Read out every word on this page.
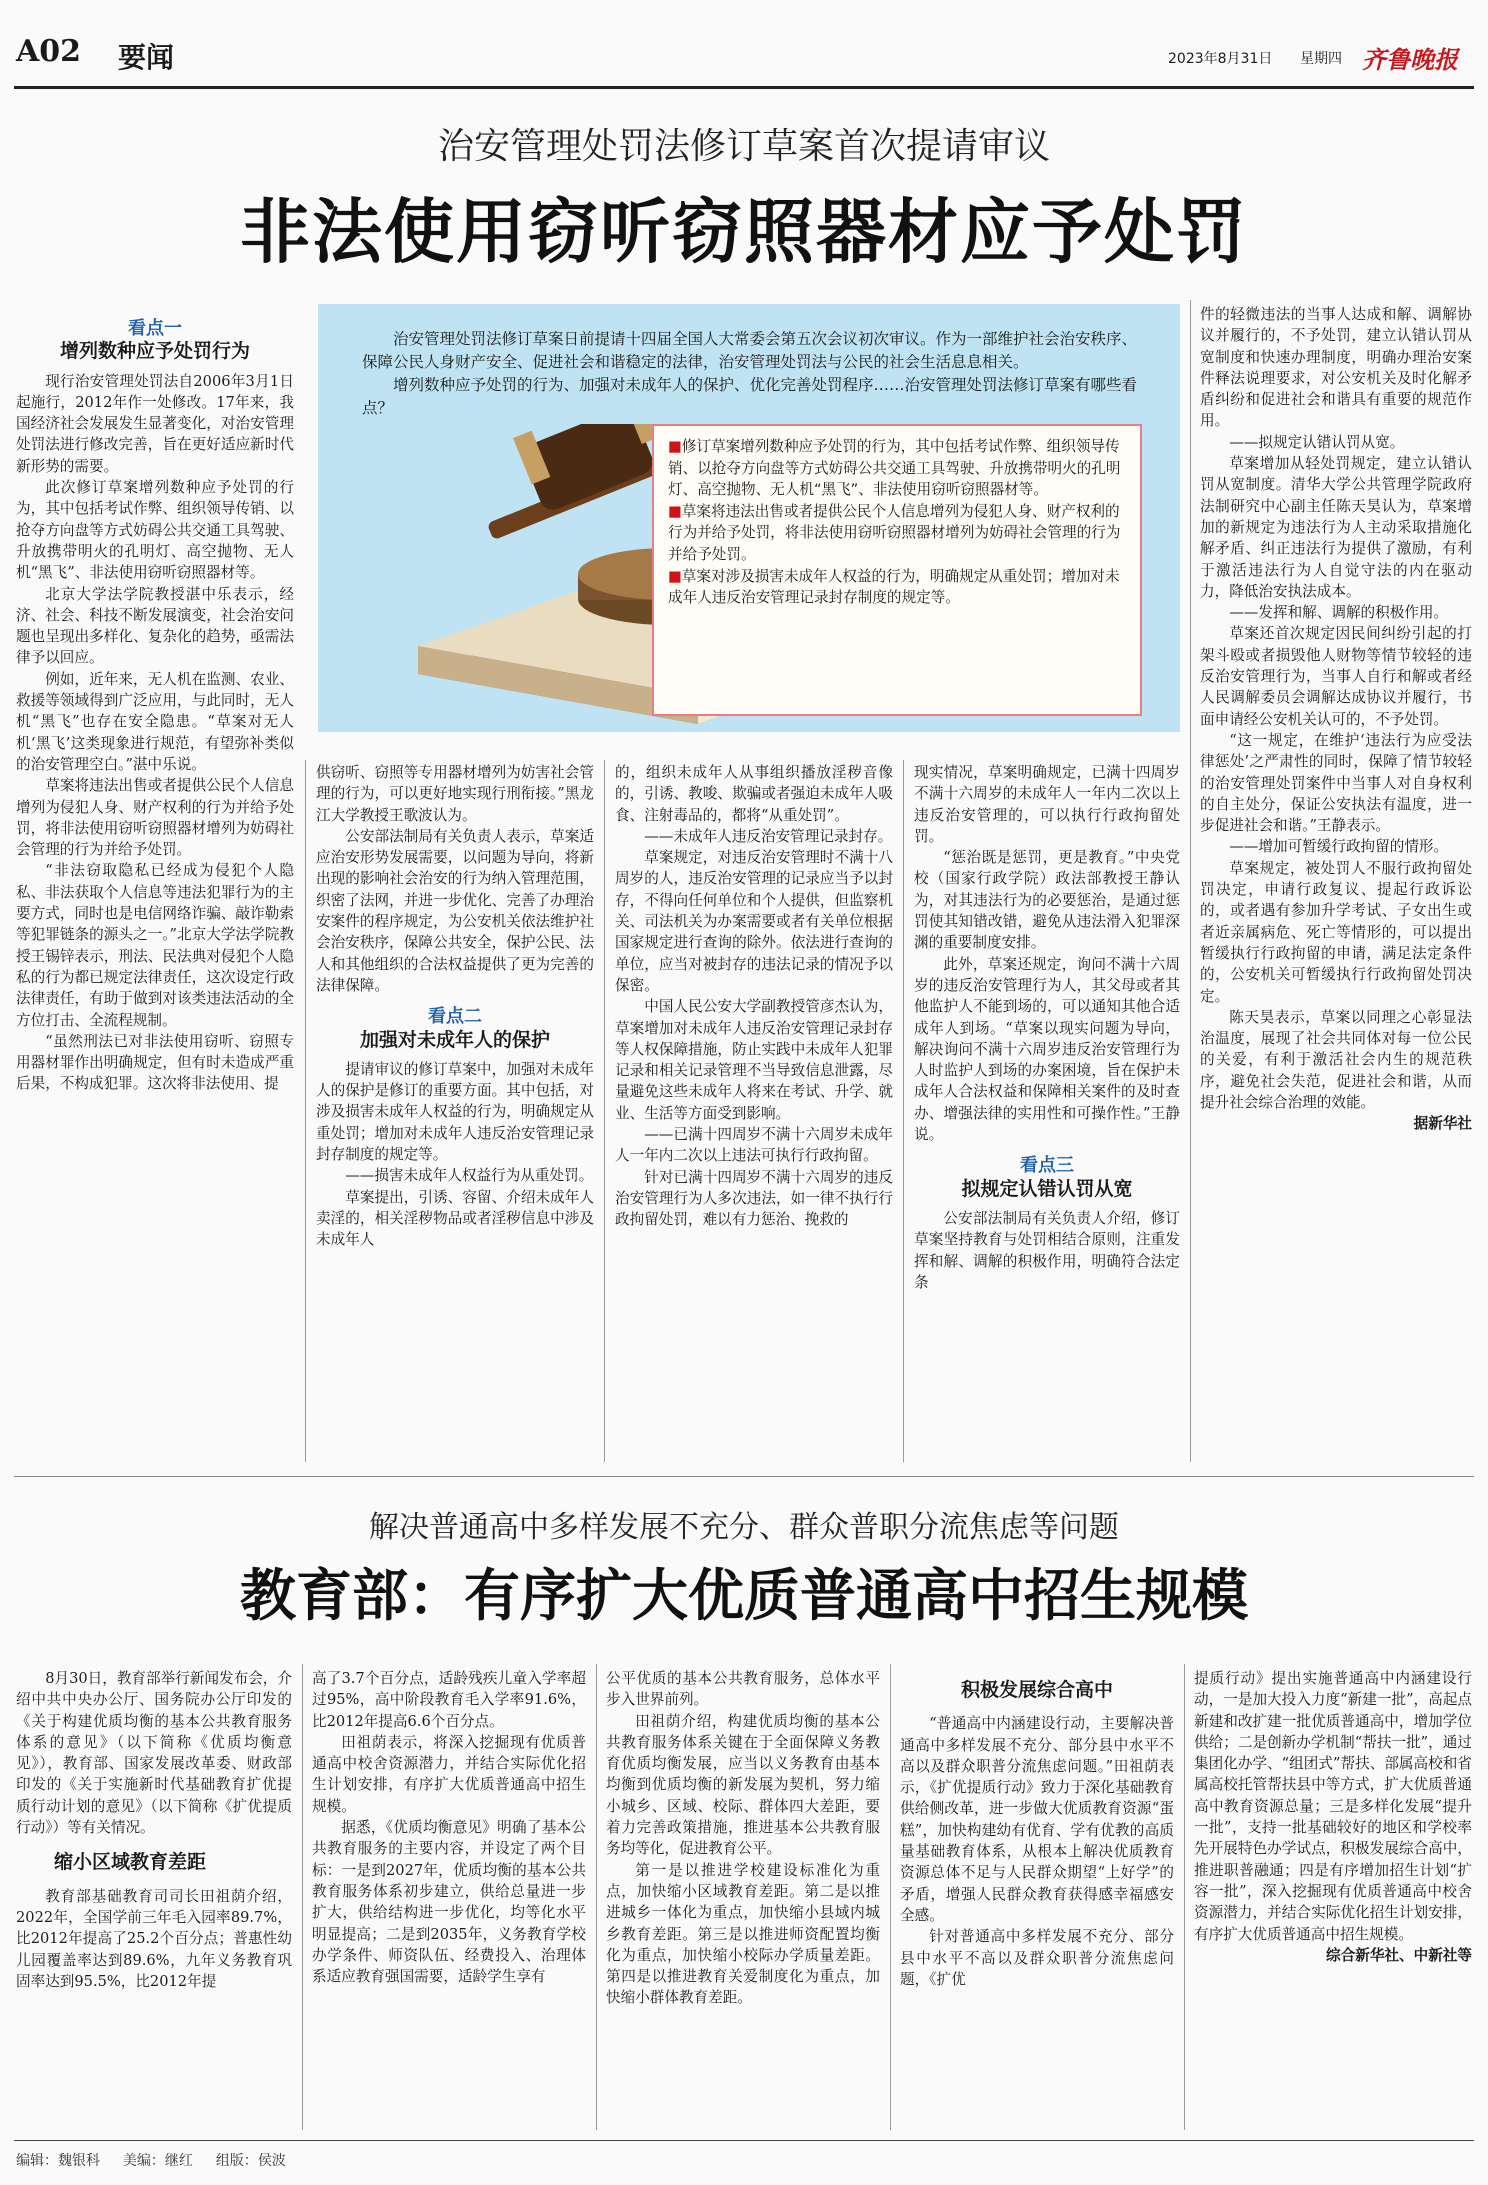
A02 要闻	2023年8月31日 星期四 齐鲁晚报
治安管理处罚法修订草案首次提请审议
非法使用窃听窃照器材应予处罚
治安管理处罚法修订草案日前提请十四届全国人大常委会第五次会议初次审议。作为一部维护社会治安秩序、保障公民人身财产安全、促进社会和谐稳定的法律，治安管理处罚法与公民的社会生活息息相关。
增列数种应予处罚的行为、加强对未成年人的保护、优化完善处罚程序……治安管理处罚法修订草案有哪些看点？
■修订草案增列数种应予处罚的行为，其中包括考试作弊、组织领导传销、以抢夺方向盘等方式妨碍公共交通工具驾驶、升放携带明火的孔明灯、高空抛物、无人机“黑飞”、非法使用窃听窃照器材等。
■草案将违法出售或者提供公民个人信息增列为侵犯人身、财产权利的行为并给予处罚，将非法使用窃听窃照器材增列为妨碍社会管理的行为并给予处罚。
■草案对涉及损害未成年人权益的行为，明确规定从重处罚；增加对未成年人违反治安管理记录封存制度的规定等。
看点一
增列数种应予处罚行为

现行治安管理处罚法自2006年3月1日起施行，2012年作一处修改。17年来，我国经济社会发展发生显著变化，对治安管理处罚法进行修改完善，旨在更好适应新时代新形势的需要。

此次修订草案增列数种应予处罚的行为，其中包括考试作弊、组织领导传销、以抢夺方向盘等方式妨碍公共交通工具驾驶、升放携带明火的孔明灯、高空抛物、无人机“黑飞”、非法使用窃听窃照器材等。

北京大学法学院教授湛中乐表示，经济、社会、科技不断发展演变，社会治安问题也呈现出多样化、复杂化的趋势，亟需法律予以回应。

例如，近年来，无人机在监测、农业、救援等领域得到广泛应用，与此同时，无人机“黑飞”也存在安全隐患。“草案对无人机‘黑飞’这类现象进行规范，有望弥补类似的治安管理空白。”湛中乐说。

草案将违法出售或者提供公民个人信息增列为侵犯人身、财产权利的行为并给予处罚，将非法使用窃听窃照器材增列为妨碍社会管理的行为并给予处罚。

“非法窃取隐私已经成为侵犯个人隐私、非法获取个人信息等违法犯罪行为的主要方式，同时也是电信网络诈骗、敲诈勒索等犯罪链条的源头之一。”北京大学法学院教授王锡锌表示，刑法、民法典对侵犯个人隐私的行为都已规定法律责任，这次设定行政法律责任，有助于做到对该类违法活动的全方位打击、全流程规制。

“虽然刑法已对非法使用窃听、窃照专用器材罪作出明确规定，但有时未造成严重后果，不构成犯罪。这次将非法使用、提

供窃听、窃照等专用器材增列为妨害社会管理的行为，可以更好地实现行刑衔接。”黑龙江大学教授王歌波认为。

公安部法制局有关负责人表示，草案适应治安形势发展需要，以问题为导向，将新出现的影响社会治安的行为纳入管理范围，织密了法网，并进一步优化、完善了办理治安案件的程序规定，为公安机关依法维护社会治安秩序，保障公共安全，保护公民、法人和其他组织的合法权益提供了更为完善的法律保障。

看点二
加强对未成年人的保护

提请审议的修订草案中，加强对未成年人的保护是修订的重要方面。其中包括，对涉及损害未成年人权益的行为，明确规定从重处罚；增加对未成年人违反治安管理记录封存制度的规定等。

——损害未成年人权益行为从重处罚。

草案提出，引诱、容留、介绍未成年人卖淫的，相关淫秽物品或者淫秽信息中涉及未成年人

的，组织未成年人从事组织播放淫秽音像的，引诱、教唆、欺骗或者强迫未成年人吸食、注射毒品的，都将“从重处罚”。

——未成年人违反治安管理记录封存。

草案规定，对违反治安管理时不满十八周岁的人，违反治安管理的记录应当予以封存，不得向任何单位和个人提供，但监察机关、司法机关为办案需要或者有关单位根据国家规定进行查询的除外。依法进行查询的单位，应当对被封存的违法记录的情况予以保密。

中国人民公安大学副教授管彦杰认为，草案增加对未成年人违反治安管理记录封存等人权保障措施，防止实践中未成年人犯罪记录和相关记录管理不当导致信息泄露，尽量避免这些未成年人将来在考试、升学、就业、生活等方面受到影响。

——已满十四周岁不满十六周岁未成年人一年内二次以上违法可执行行政拘留。

针对已满十四周岁不满十六周岁的违反治安管理行为人多次违法，如一律不执行行政拘留处罚，难以有力惩治、挽救的

现实情况，草案明确规定，已满十四周岁不满十六周岁的未成年人一年内二次以上违反治安管理的，可以执行行政拘留处罚。

“惩治既是惩罚，更是教育。”中央党校（国家行政学院）政法部教授王静认为，对其违法行为的必要惩治，是通过惩罚使其知错改错，避免从违法滑入犯罪深渊的重要制度安排。

此外，草案还规定，询问不满十六周岁的违反治安管理行为人，其父母或者其他监护人不能到场的，可以通知其他合适成年人到场。“草案以现实问题为导向，解决询问不满十六周岁违反治安管理行为人时监护人到场的办案困境，旨在保护未成年人合法权益和保障相关案件的及时查办、增强法律的实用性和可操作性。”王静说。

看点三
拟规定认错认罚从宽

公安部法制局有关负责人介绍，修订草案坚持教育与处罚相结合原则，注重发挥和解、调解的积极作用，明确符合法定条

件的轻微违法的当事人达成和解、调解协议并履行的，不予处罚，建立认错认罚从宽制度和快速办理制度，明确办理治安案件释法说理要求，对公安机关及时化解矛盾纠纷和促进社会和谐具有重要的规范作用。

——拟规定认错认罚从宽。

草案增加从轻处罚规定，建立认错认罚从宽制度。清华大学公共管理学院政府法制研究中心副主任陈天昊认为，草案增加的新规定为违法行为人主动采取措施化解矛盾、纠正违法行为提供了激励，有利于激活违法行为人自觉守法的内在驱动力，降低治安执法成本。

——发挥和解、调解的积极作用。

草案还首次规定因民间纠纷引起的打架斗殴或者损毁他人财物等情节较轻的违反治安管理行为，当事人自行和解或者经人民调解委员会调解达成协议并履行，书面申请经公安机关认可的，不予处罚。

“这一规定，在维护‘违法行为应受法律惩处’之严肃性的同时，保障了情节较轻的治安管理处罚案件中当事人对自身权利的自主处分，保证公安执法有温度，进一步促进社会和谐。”王静表示。

——增加可暂缓行政拘留的情形。

草案规定，被处罚人不服行政拘留处罚决定，申请行政复议、提起行政诉讼的，或者遇有参加升学考试、子女出生或者近亲属病危、死亡等情形的，可以提出暂缓执行行政拘留的申请，满足法定条件的，公安机关可暂缓执行行政拘留处罚决定。

陈天昊表示，草案以同理之心彰显法治温度，展现了社会共同体对每一位公民的关爱，有利于激活社会内生的规范秩序，避免社会失范，促进社会和谐，从而提升社会综合治理的效能。

据新华社

解决普通高中多样发展不充分、群众普职分流焦虑等问题
教育部：有序扩大优质普通高中招生规模

8月30日，教育部举行新闻发布会，介绍中共中央办公厅、国务院办公厅印发的《关于构建优质均衡的基本公共教育服务体系的意见》（以下简称《优质均衡意见》），教育部、国家发展改革委、财政部印发的《关于实施新时代基础教育扩优提质行动计划的意见》（以下简称《扩优提质行动》）等有关情况。

缩小区域教育差距

教育部基础教育司司长田祖荫介绍，2022年，全国学前三年毛入园率89.7%，比2012年提高了25.2个百分点；普惠性幼儿园覆盖率达到89.6%，九年义务教育巩固率达到95.5%，比2012年提

高了3.7个百分点，适龄残疾儿童入学率超过95%，高中阶段教育毛入学率91.6%，比2012年提高6.6个百分点。

田祖荫表示，将深入挖掘现有优质普通高中校舍资源潜力，并结合实际优化招生计划安排，有序扩大优质普通高中招生规模。

据悉，《优质均衡意见》明确了基本公共教育服务的主要内容，并设定了两个目标：一是到2027年，优质均衡的基本公共教育服务体系初步建立，供给总量进一步扩大，供给结构进一步优化，均等化水平明显提高；二是到2035年，义务教育学校办学条件、师资队伍、经费投入、治理体系适应教育强国需要，适龄学生享有

公平优质的基本公共教育服务，总体水平步入世界前列。

田祖荫介绍，构建优质均衡的基本公共教育服务体系关键在于全面保障义务教育优质均衡发展，应当以义务教育由基本均衡到优质均衡的新发展为契机，努力缩小城乡、区域、校际、群体四大差距，要着力完善政策措施，推进基本公共教育服务均等化，促进教育公平。

第一是以推进学校建设标准化为重点，加快缩小区域教育差距。第二是以推进城乡一体化为重点，加快缩小县域内城乡教育差距。第三是以推进师资配置均衡化为重点，加快缩小校际办学质量差距。第四是以推进教育关爱制度化为重点，加快缩小群体教育差距。

积极发展综合高中

“普通高中内涵建设行动，主要解决普通高中多样发展不充分、部分县中水平不高以及群众职普分流焦虑问题。”田祖荫表示，《扩优提质行动》致力于深化基础教育供给侧改革，进一步做大优质教育资源“蛋糕”，加快构建幼有优育、学有优教的高质量基础教育体系，从根本上解决优质教育资源总体不足与人民群众期望“上好学”的矛盾，增强人民群众教育获得感幸福感安全感。

针对普通高中多样发展不充分、部分县中水平不高以及群众职普分流焦虑问题，《扩优

提质行动》提出实施普通高中内涵建设行动，一是加大投入力度“新建一批”，高起点新建和改扩建一批优质普通高中，增加学位供给；二是创新办学机制“帮扶一批”，通过集团化办学、“组团式”帮扶、部属高校和省属高校托管帮扶县中等方式，扩大优质普通高中教育资源总量；三是多样化发展“提升一批”，支持一批基础较好的地区和学校率先开展特色办学试点，积极发展综合高中，推进职普融通；四是有序增加招生计划“扩容一批”，深入挖掘现有优质普通高中校舍资源潜力，并结合实际优化招生计划安排，有序扩大优质普通高中招生规模。

综合新华社、中新社等

编辑：魏银科 美编：继红 组版：侯波
